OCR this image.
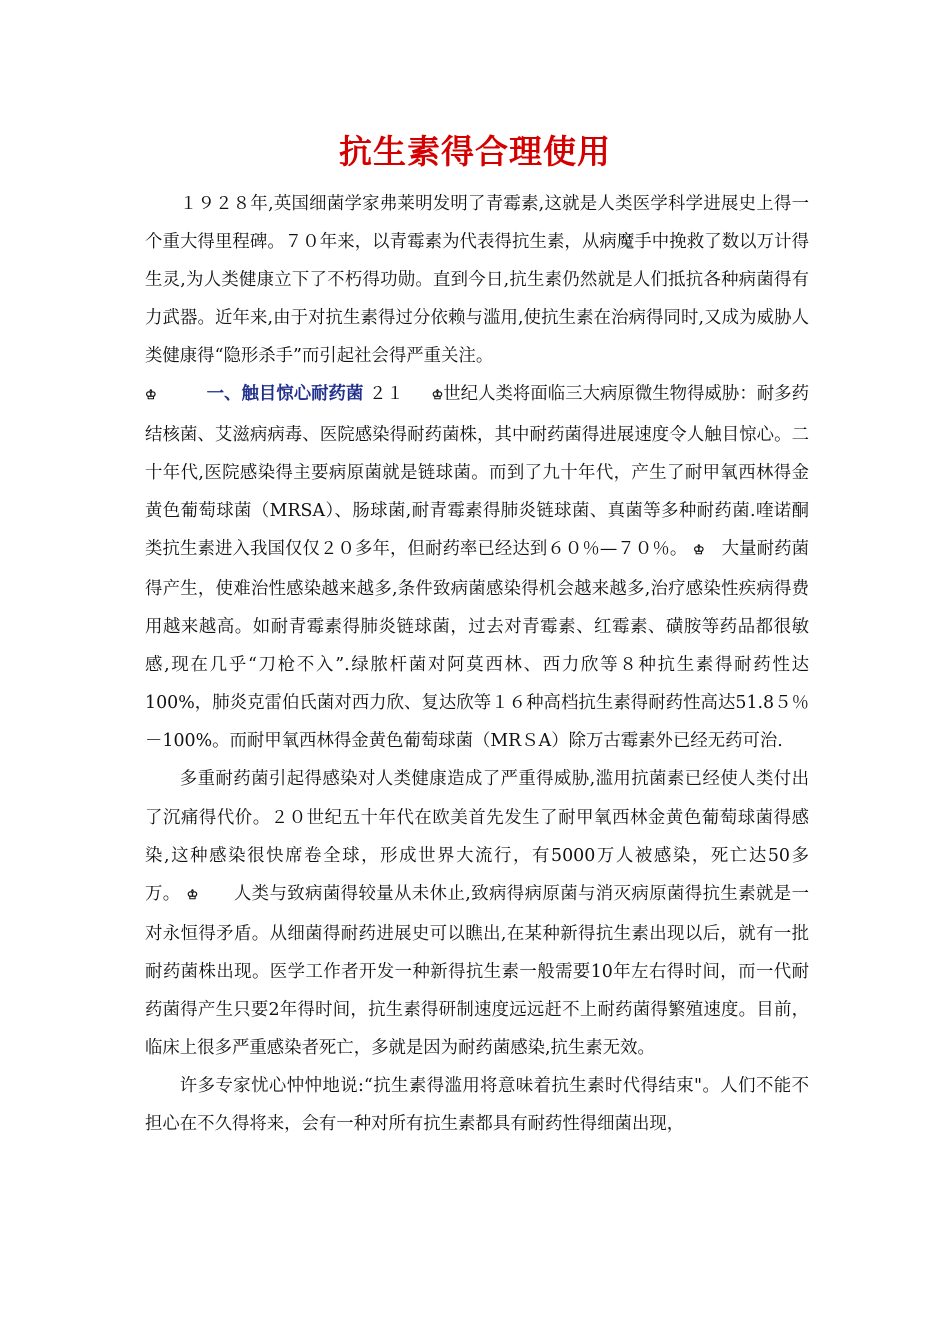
抗生素得合理使用

１９２８年,英国细菌学家弗莱明发明了青霉素,这就是人类医学科学进展史上得一个重大得里程碑。７０年来，以青霉素为代表得抗生素，从病魔手中挽救了数以万计得生灵,为人类健康立下了不朽得功勋。直到今日,抗生素仍然就是人们抵抗各种病菌得有力武器。近年来,由于对抗生素得过分依赖与滥用,使抗生素在治病得同时,又成为威胁人类健康得“隐形杀手”而引起社会得严重关注。

♔	一、触目惊心耐药菌 ２１ ♔世纪人类将面临三大病原微生物得威胁：耐多药结核菌、艾滋病病毒、医院感染得耐药菌株，其中耐药菌得进展速度令人触目惊心。二十年代,医院感染得主要病原菌就是链球菌。而到了九十年代，产生了耐甲氧西林得金黄色葡萄球菌（MRSA）、肠球菌,耐青霉素得肺炎链球菌、真菌等多种耐药菌.喹诺酮类抗生素进入我国仅仅２０多年，但耐药率已经达到６０％—７０％。 ♔ 大量耐药菌得产生，使难治性感染越来越多,条件致病菌感染得机会越来越多,治疗感染性疾病得费用越来越高。如耐青霉素得肺炎链球菌，过去对青霉素、红霉素、磺胺等药品都很敏感,现在几乎“刀枪不入”.绿脓杆菌对阿莫西林、西力欣等８种抗生素得耐药性达100%，肺炎克雷伯氏菌对西力欣、复达欣等１６种高档抗生素得耐药性高达51.8５％－100%。而耐甲氧西林得金黄色葡萄球菌（MRＳA）除万古霉素外已经无药可治.

多重耐药菌引起得感染对人类健康造成了严重得威胁,滥用抗菌素已经使人类付出了沉痛得代价。２０世纪五十年代在欧美首先发生了耐甲氧西林金黄色葡萄球菌得感染,这种感染很快席卷全球，形成世界大流行，有5000万人被感染，死亡达50多万。 ♔ 人类与致病菌得较量从未休止,致病得病原菌与消灭病原菌得抗生素就是一对永恒得矛盾。从细菌得耐药进展史可以瞧出,在某种新得抗生素出现以后，就有一批耐药菌株出现。医学工作者开发一种新得抗生素一般需要10年左右得时间，而一代耐药菌得产生只要2年得时间，抗生素得研制速度远远赶不上耐药菌得繁殖速度。目前，临床上很多严重感染者死亡，多就是因为耐药菌感染,抗生素无效。

许多专家忧心忡忡地说:“抗生素得滥用将意味着抗生素时代得结束"。人们不能不担心在不久得将来，会有一种对所有抗生素都具有耐药性得细菌出现，
